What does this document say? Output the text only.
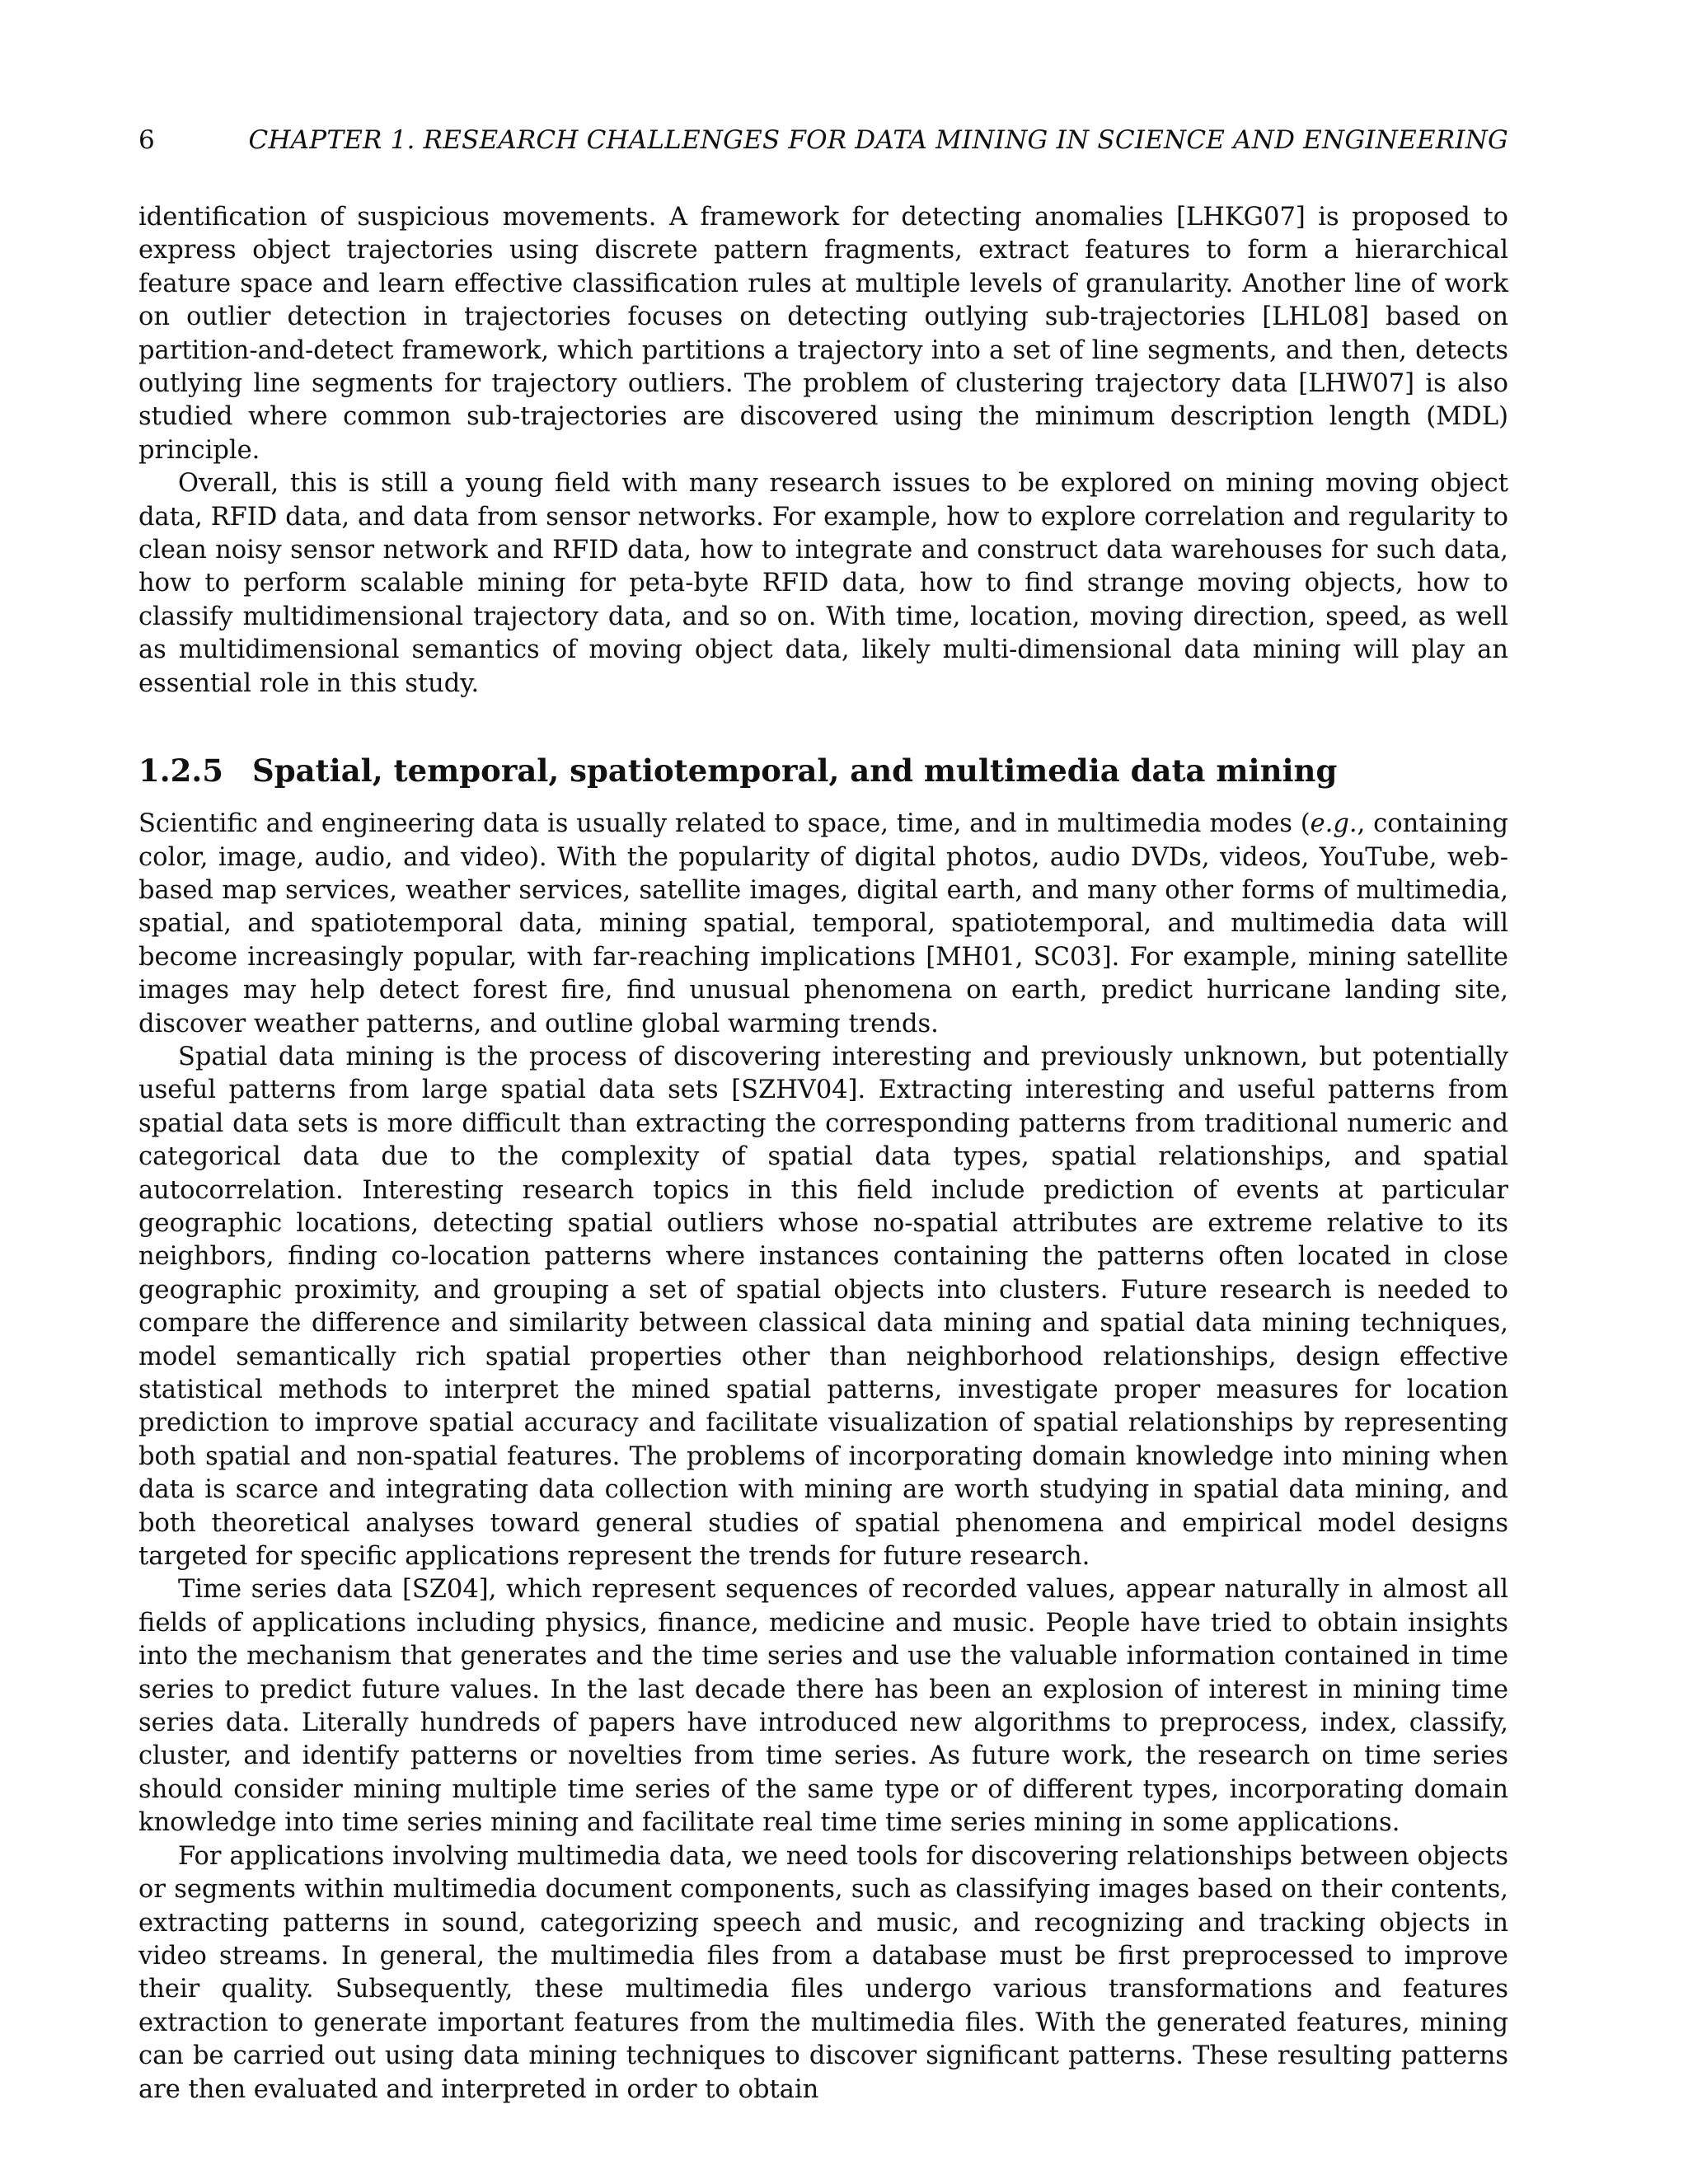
6	CHAPTER 1. RESEARCH CHALLENGES FOR DATA MINING IN SCIENCE AND ENGINEERING

identification of suspicious movements. A framework for detecting anomalies [LHKG07] is proposed to express object trajectories using discrete pattern fragments, extract features to form a hierarchical feature space and learn effective classification rules at multiple levels of granularity. Another line of work on outlier detection in trajectories focuses on detecting outlying sub-trajectories [LHL08] based on partition-and-detect framework, which partitions a trajectory into a set of line segments, and then, detects outlying line segments for trajectory outliers. The problem of clustering trajectory data [LHW07] is also studied where common sub-trajectories are discovered using the minimum description length (MDL) principle.

Overall, this is still a young field with many research issues to be explored on mining moving object data, RFID data, and data from sensor networks. For example, how to explore correlation and regularity to clean noisy sensor network and RFID data, how to integrate and construct data warehouses for such data, how to perform scalable mining for peta-byte RFID data, how to find strange moving objects, how to classify multidimensional trajectory data, and so on. With time, location, moving direction, speed, as well as multidimensional semantics of moving object data, likely multi-dimensional data mining will play an essential role in this study.

1.2.5 Spatial, temporal, spatiotemporal, and multimedia data mining

Scientific and engineering data is usually related to space, time, and in multimedia modes (e.g., containing color, image, audio, and video). With the popularity of digital photos, audio DVDs, videos, YouTube, web-based map services, weather services, satellite images, digital earth, and many other forms of multimedia, spatial, and spatiotemporal data, mining spatial, temporal, spatiotemporal, and multimedia data will become increasingly popular, with far-reaching implications [MH01, SC03]. For example, mining satellite images may help detect forest fire, find unusual phenomena on earth, predict hurricane landing site, discover weather patterns, and outline global warming trends.

Spatial data mining is the process of discovering interesting and previously unknown, but potentially useful patterns from large spatial data sets [SZHV04]. Extracting interesting and useful patterns from spatial data sets is more difficult than extracting the corresponding patterns from traditional numeric and categorical data due to the complexity of spatial data types, spatial relationships, and spatial autocorrelation. Interesting research topics in this field include prediction of events at particular geographic locations, detecting spatial outliers whose no-spatial attributes are extreme relative to its neighbors, finding co-location patterns where instances containing the patterns often located in close geographic proximity, and grouping a set of spatial objects into clusters. Future research is needed to compare the difference and similarity between classical data mining and spatial data mining techniques, model semantically rich spatial properties other than neighborhood relationships, design effective statistical methods to interpret the mined spatial patterns, investigate proper measures for location prediction to improve spatial accuracy and facilitate visualization of spatial relationships by representing both spatial and non-spatial features. The problems of incorporating domain knowledge into mining when data is scarce and integrating data collection with mining are worth studying in spatial data mining, and both theoretical analyses toward general studies of spatial phenomena and empirical model designs targeted for specific applications represent the trends for future research.

Time series data [SZ04], which represent sequences of recorded values, appear naturally in almost all fields of applications including physics, finance, medicine and music. People have tried to obtain insights into the mechanism that generates and the time series and use the valuable information contained in time series to predict future values. In the last decade there has been an explosion of interest in mining time series data. Literally hundreds of papers have introduced new algorithms to preprocess, index, classify, cluster, and identify patterns or novelties from time series. As future work, the research on time series should consider mining multiple time series of the same type or of different types, incorporating domain knowledge into time series mining and facilitate real time time series mining in some applications.

For applications involving multimedia data, we need tools for discovering relationships between objects or segments within multimedia document components, such as classifying images based on their contents, extracting patterns in sound, categorizing speech and music, and recognizing and tracking objects in video streams. In general, the multimedia files from a database must be first preprocessed to improve their quality. Subsequently, these multimedia files undergo various transformations and features extraction to generate important features from the multimedia files. With the generated features, mining can be carried out using data mining techniques to discover significant patterns. These resulting patterns are then evaluated and interpreted in order to obtain
